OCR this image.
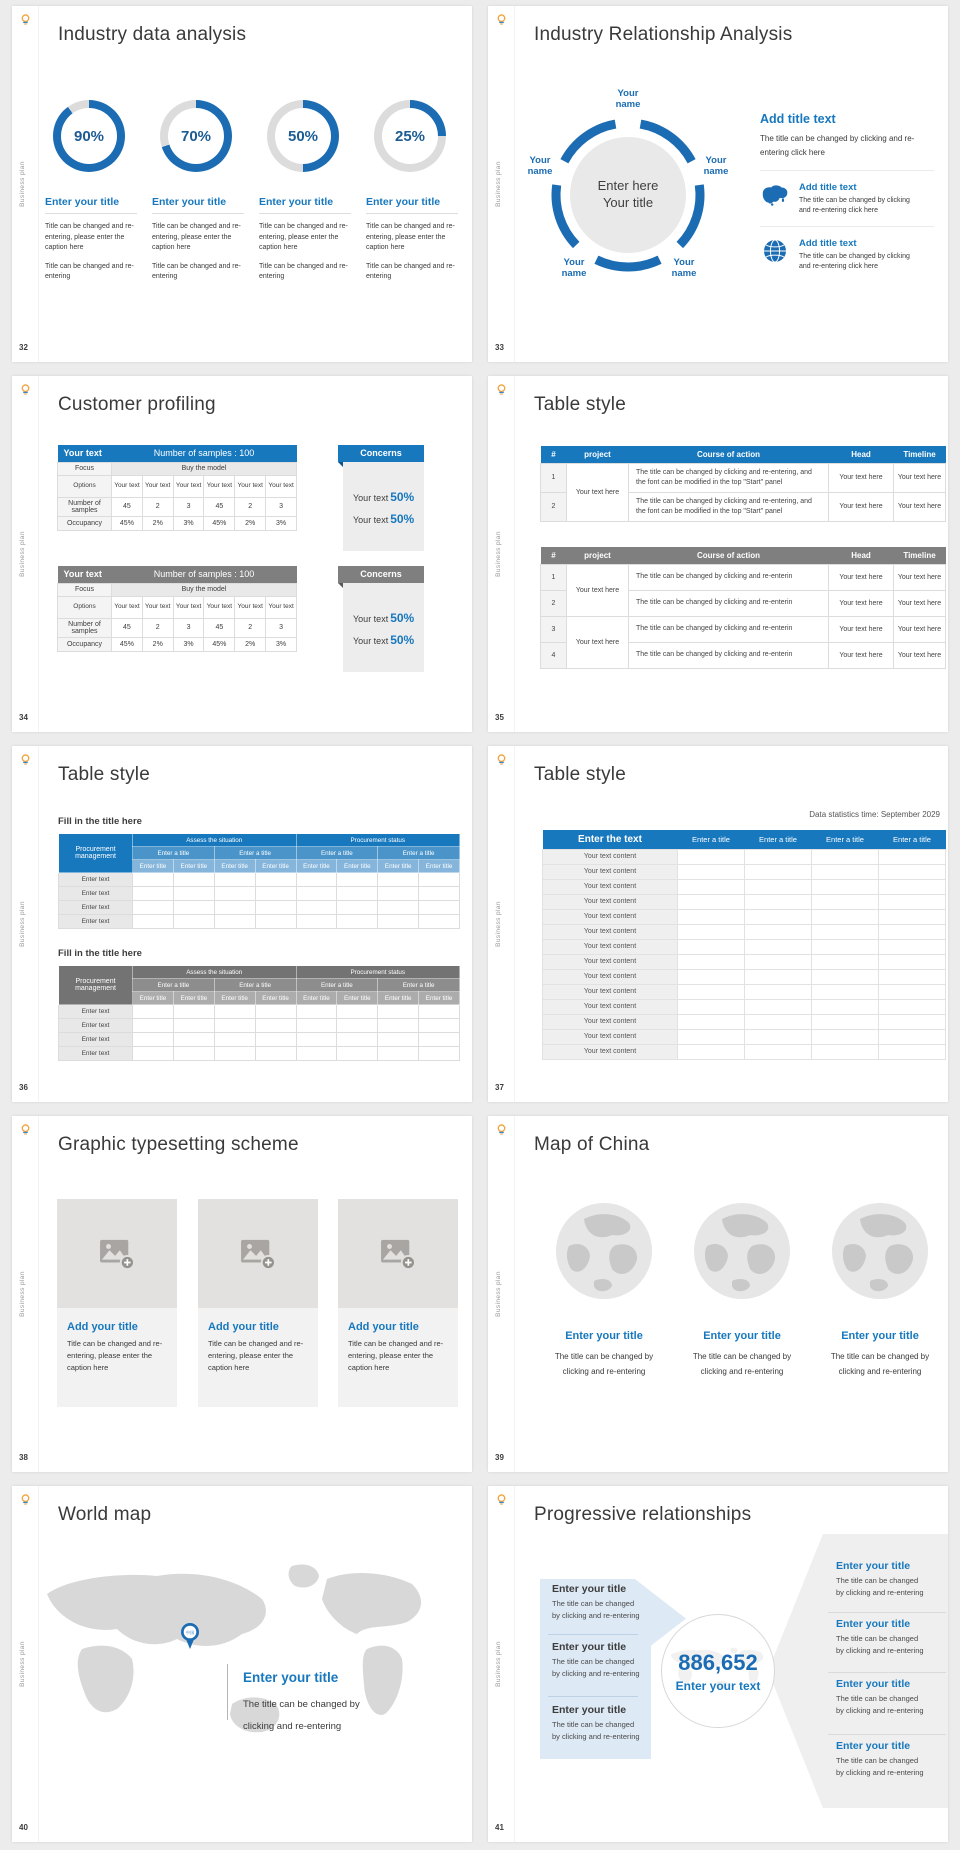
Business plan
32
Industry data analysis
90%
Enter your title
Title can be changed and re-entering, please enter the caption here
Title can be changed and re-entering
70%
Enter your title
Title can be changed and re-entering, please enter the caption here
Title can be changed and re-entering
50%
Enter your title
Title can be changed and re-entering, please enter the caption here
Title can be changed and re-entering
25%
Enter your title
Title can be changed and re-entering, please enter the caption here
Title can be changed and re-entering
Business plan
33
Industry Relationship Analysis
Enter here
Your title
Your name
Your name
Your name
Your name
Your name
Add title text
The title can be changed by clicking and re-entering click here
Add title text
The title can be changed by clicking and re-entering click here
Add title text
The title can be changed by clicking and re-entering click here
Business plan
34
Customer profiling
Your text	Number of samples : 100					
Focus	Buy the model					
Options	Your text	Your text	Your text	Your text	Your text	Your text
Number of samples	45	2	3	45	2	3
Occupancy	45%	2%	3%	45%	2%	3%
Your text	Number of samples : 100					
Focus	Buy the model					
Options	Your text	Your text	Your text	Your text	Your text	Your text
Number of samples	45	2	3	45	2	3
Occupancy	45%	2%	3%	45%	2%	3%
Concerns
Your text 50%
Your text 50%
Concerns
Your text 50%
Your text 50%
Business plan
35
Table style
#	project	Course of action	Head	Timeline
1	Your text here	The title can be changed by clicking and re-entering, and the font can be modified in the top "Start" panel	Your text here	Your text here
2		The title can be changed by clicking and re-entering, and the font can be modified in the top "Start" panel	Your text here	Your text here
#	project	Course of action	Head	Timeline
1	Your text here	The title can be changed by clicking and re-enterin	Your text here	Your text here
2		The title can be changed by clicking and re-enterin	Your text here	Your text here
3	Your text here	The title can be changed by clicking and re-enterin	Your text here	Your text here
4		The title can be changed by clicking and re-enterin	Your text here	Your text here
Business plan
36
Table style
Fill in the title here
Procurement management	Assess the situation				Procurement status			
	Enter a title		Enter a title		Enter a title		Enter a title	
	Enter title	Enter title	Enter title	Enter title	Enter title	Enter title	Enter title	Enter title
Enter text								
Enter text								
Enter text								
Enter text								
Fill in the title here
Procurement management	Assess the situation				Procurement status			
	Enter a title		Enter a title		Enter a title		Enter a title	
	Enter title	Enter title	Enter title	Enter title	Enter title	Enter title	Enter title	Enter title
Enter text								
Enter text								
Enter text								
Enter text								
Business plan
37
Table style
Data statistics time: September 2029
Enter the text	Enter a title	Enter a title	Enter a title	Enter a title
Your text content				
Your text content				
Your text content				
Your text content				
Your text content				
Your text content				
Your text content				
Your text content				
Your text content				
Your text content				
Your text content				
Your text content				
Your text content				
Your text content				
Business plan
38
Graphic typesetting scheme
Add your title
Title can be changed and re-entering, please enter the caption here
Add your title
Title can be changed and re-entering, please enter the caption here
Add your title
Title can be changed and re-entering, please enter the caption here
Business plan
39
Map of China
Enter your title
The title can be changed by
clicking and re-entering
Enter your title
The title can be changed by
clicking and re-entering
Enter your title
The title can be changed by
clicking and re-entering
Business plan
40
World map
中国
Enter your title
The title can be changed by
clicking and re-entering
Business plan
41
Progressive relationships
Enter your title
The title can be changed
by clicking and re-entering
Enter your title
The title can be changed
by clicking and re-entering
Enter your title
The title can be changed
by clicking and re-entering
886,652
Enter your text
Enter your title
The title can be changed
by clicking and re-entering
Enter your title
The title can be changed
by clicking and re-entering
Enter your title
The title can be changed
by clicking and re-entering
Enter your title
The title can be changed
by clicking and re-entering
